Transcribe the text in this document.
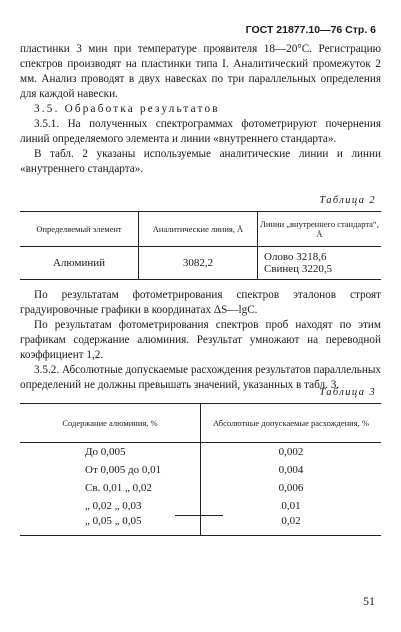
ГОСТ 21877.10—76 Стр. 6

пластинки 3 мин при температуре проявителя 18—20°С. Регистрацию спектров производят на пластинки типа I. Аналитический промежуток 2 мм. Анализ проводят в двух навесках по три параллельных определения для каждой навески.

3.5. Обработка результатов

3.5.1. На полученных спектрограммах фотометрируют почернения линий определяемого элемента и линии «внутреннего стандарта».

В табл. 2 указаны используемые аналитические линии и линии «внутреннего стандарта».

Таблица 2
Определяемый элемент	Аналитические линия, Å	Линии „внутреннего стандарта“, Å
Алюминий	3082,2	Олово 3218,6
Свинец 3220,5

По результатам фотометрирования спектров эталонов строят градуировочные графики в координатах ΔS—lgC.

По результатам фотометрирования спектров проб находят по этим графикам содержание алюминия. Результат умножают на переводной коэффициент 1,2.

3.5.2. Абсолютные допускаемые расхождения результатов параллельных определений не должны превышать значений, указанных в табл. 3.

Таблица 3
Содержание алюминия, %	Абсолютные допускаемые расхождения, %
До 0,005	0,002
От 0,005 до 0,01	0,004
Св. 0,01 „ 0,02	0,006
„ 0,02 „ 0,03	0,01
„ 0,05 „ 0,05	0,02
51
